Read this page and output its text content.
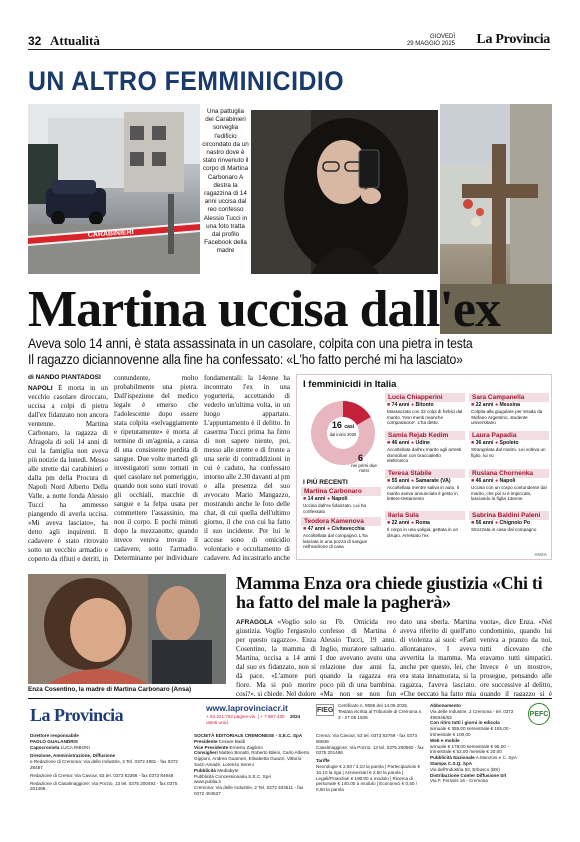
32 Attualità	GIOVEDÌ
29 MAGGIO 2025 La Provincia
UN ALTRO FEMMINICIDIO
CARABINIERI
Una pattuglia dei Carabinieri sorveglia l'edificio circondato da un nastro dove è stato rinvenuto il corpo di Martina Carbonaro A destra la ragazzina di 14 anni uccisa dal reo confesso Alessio Tucci in una foto tratta dal profilo Facebook della madre
Martina uccisa dall'ex
Aveva solo 14 anni, è stata assassinata in un casolare, colpita con una pietra in testa
Il ragazzo diciannovenne alla fine ha confessato: «L'ho fatto perché mi ha lasciato»
di NANDO PIANTADOSI
NAPOLI È morta in un vecchio casolare diroccato, uccisa a colpi di pietra dall'ex fidanzato non ancora ventenne. Martina Carbonaro, la ragazza di Afragola di soli 14 anni di cui la famiglia non aveva più notizie da lunedì. Messo alle strette dai carabinieri e dalla pm della Procura di Napoli Nord Alberto Della Valle, a notte fonda Alessio Tucci ha ammesso piangendo di averla uccisa. «Mi aveva lasciato», ha detto agli inquirenti. Il cadavere è stato ritrovato sotto un vecchio armadio e coperto da rifiuti e detriti, in
contundente, molto probabilmente una pietra. Dall'ispezione del medico legale è emerso che l'adolescente dopo essere stata colpita «selvaggiamente e ripetutamente» è morta al termine di un'agonia, a causa di una consistente perdita di sangue. Due volte martedì gli investigatori sono tornati in quel casolare nel pomeriggio, quando non sono stati trovati gli occhiali, macchie di sangue e la felpa usata per commettere l'assassinio, ma non il corpo. E pochi minuti dopo la mezzanotte, quando invece veniva trovato il cadavere, sotto l'armadio. Determinante per individuare
fondamentali: la 14enne ha incontrato l'ex in una yogurteria, accettando di vederlo un'ultima volta, in un luogo appartato. L'appuntamento è il delitto. In caserma Tucci prima ha finto di non sapere niente, poi, messo alle strette e di fronte a una serie di contraddizioni in cui è caduto, ha confessato intorno alle 2.30 davanti al pm e alla presenza del suo avvocato Mario Mangazzo, mostrando anche le foto delle chat, di cui quella dell'ultimo giorno, il che con cui ha fatto il suo incidente. Per lui le accuse sono di omicidio volontario e occultamento di cadavere. Ad incastrarlo anche
I femminicidi in Italia
16 casi
dal inizio 2025
6
nei primi due mesi
I PIÙ RECENTI
Lucia Chiapperini
■ 74 anni ● Bitonto
Massacrata con 22 colpi di forbici dal marito. 'Non meriti neanche compassione'. L'ha detto.
Sara Campanella
■ 22 anni ● Messina
Colpita alla giugulare per strada da Stefano Argentino, studente universitario
Samia Rejab Kedim
■ 46 anni ● Udine
Accoltellata dall'ex marito agli arresti domiciliari con braccialetto elettronico
Laura Papadia
■ 36 anni ● Spoleto
Strangolata dal marito. Lei voleva un figlio, lui no
Martina Carbonaro
■ 14 anni ● Napoli
Uccisa dall'ex fidanzato. Lui ha confessato
Teresa Stabile
■ 55 anni ● Samarate (VA)
Accoltellata mentre saliva in auto. Il marito aveva annunciato il gesto in lettere-testamento
Ruslana Chornenka
■ 46 anni ● Napoli
Uccisa con un corpo contundente dal marito, che poi si è impiccato, lasciando la figlia 13enne
Teodora Kamenova
■ 47 anni ● Civitavecchia
Accoltellata dal compagno. L'ha lasciata in una pozza di sangue nell'androne di casa
Ilaria Sula
■ 22 anni ● Roma
Il corpo in una valigia, gettata in un dirupo. Arrestato l'ex
Sabrina Baldini Paleni
■ 56 anni ● Chignolo Po
Strozzata in casa dal compagno
ANSA
Enza Cosentino, la madre di Martina Carbonaro (Ansa)
Mamma Enza ora chiede giustizia «Chi ti ha fatto del male la pagherà»
AFRAGOLA «Voglio solo giustizia. Voglio l'ergastolo per questo ragazzo». Enza Cosentino, la mamma di Martina, uccisa a 14 anni dal suo ex fidanzato, non si dà pace. «L'amore puri fiore. Ma si può morire così?», si chiede. Nel dolore
su Fb. Omicida reo confesso di Martina è Alessio Tucci, 19 anni. Inglio, muratore saltuario. I due avevano avuto una relazione due anni fa, quando la ragazza era poco più di una bambina. «Ma non se non fun
dato una sberla. Martina aveva riferito di quell'atto di violenza ai suoi: «Fatti allontanare». I aveva avvertita la mamma. Ma anche per questo, lei, che era stata innamorata, si la ragazza, l'aveva lasciato. «Che peccato ha fatto mia
vuota», dice Enza. «Nel condominio, quando lui veniva a pranzo da noi, tutti dicevano che eravamo tutti simpatici. Invece è un mostro», prosegue, pensando alle ore successive al delitto, quando il ragazzo si è
La Provincia
Direttore responsabile
PAOLO GUALANDRIS
Capocronista LUCA RIBONI
Direzione, Amministrazione, Diffusione
e Redazione di Cremona: Via delle Industrie, 2 Tel. 0372 4981 - fax 0372 28487
Redazione di Crema: Via Cavour, 53 tel. 0373 82368 - fax 0373 84948
Redazione di Casalmaggiore: Via Porzio, 13 tel. 0375 200492 - fax 0375 201466
www.laprovinciacr.it
+ 64.221.762 pagine-vis. | + 7.867.430 utenti unici
2024
SOCIETÀ EDITORIALE CREMONESE - S.E.C. SpA
Presidente Cesare Baldi
Vice Presidente Ernesto Zaglioni
Consiglieri Matteo Bonatti, Roberto Bileni, Carlo Alberto Gipponi, Andrea Guarneri, Elisabetta Guazzi, Vittorio Sarzi Amadè, Lorenzo Sereni
Pubblicità Mediabyte
Pubblicità Concessionaria S.E.C. SpA
www.publia.it
Cremona: Via delle Industrie, 2 Tel. 0372 404511 - fax 0372 404527
FIEG
Certificato n. 9085 del 14.05.2025
Testata iscritta al Tribunale di Cremona n. 3 - 27 05 1948
Crema: Via Cavour, 53 tel. 0373 82769 - fax 0373 80848
Casalmaggiore: Via Porzio, 13 tel. 0375 200560 - fax 0375 201466
Tariffe
Necrologie € 2,50 / 3,10 la parola | Partecipazioni € 10,10 la riga | Anniversari € 2,50 la parola | Legali/Finanziari € 190,00 a modulo | Ricerca di personale € 140,00 a modulo | Economici € 0,50 / 0,50 la parola
Abbonamento
Via delle Industrie, 2 Cremona - tel. 0372 498345/63
Con ritiro tutti i giorni in edicola
annuale € 355,00 semestrale € 185,00 - trimestrale € 100,00
Web e mobile
annuale € 179,00 semestrale € 95,00 - trimestrale € 52,00 mensile € 20,00
Pubblicità Nazionale A.Manzoni e C. SpA
Stampa C.S.Q. SpA
Via dell'Industria 52, Erbusco (BS)
Distribuzione Conter Diffusione Srl
Via F. Ferraris 16 - Cremona
PEFC
